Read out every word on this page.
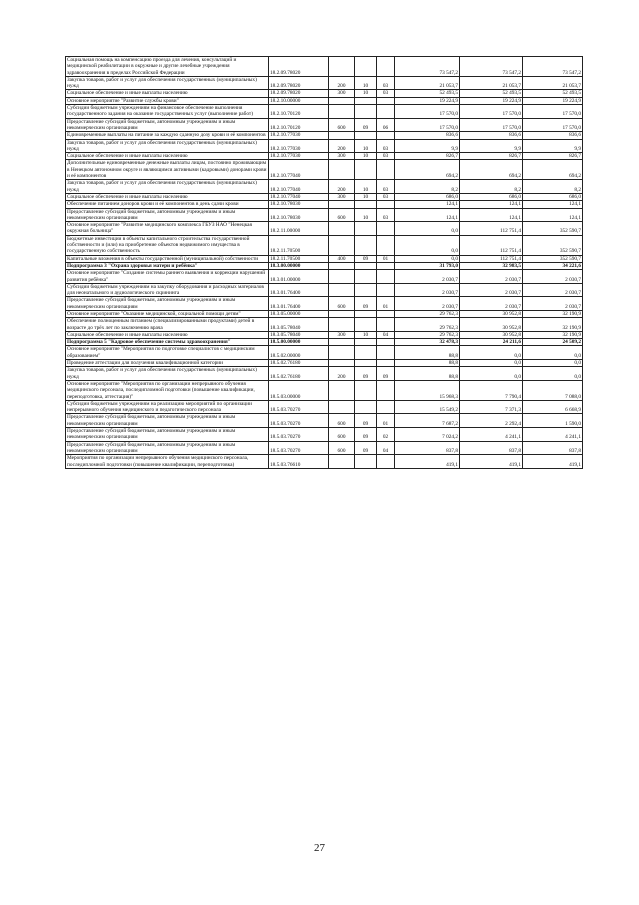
Социальная помощь на компенсацию проезда для лечения, консультаций и медицинской реабилитации в окружные и другие лечебные учреждения здравоохранения в пределах Российской Федерации	18.2.09.78020				73 547,2	73 547,2	73 547,2
Закупка товаров, работ и услуг для обеспечения государственных (муниципальных) нужд	18.2.09.78020	200	10	03	21 053,7	21 053,7	21 053,7
Социальное обеспечение и иные выплаты населению	18.2.09.78020	300	10	03	52 493,5	52 493,5	52 493,5
Основное мероприятие "Развитие службы крови"	18.2.10.00000				19 224,9	19 224,9	19 224,9
Субсидии бюджетным учреждениям на финансовое обеспечение выполнения государственного задания на оказание государственных услуг (выполнение работ)	18.2.10.70120				17 570,0	17 570,0	17 570,0
Предоставление субсидий бюджетным, автономным учреждениям и иным некоммерческим организациям	18.2.10.70120	600	09	06	17 570,0	17 570,0	17 570,0
Единовременные выплаты на питание за каждую сданную дозу крови и её компонентов	18.2.10.77030				836,6	836,6	836,6
Закупка товаров, работ и услуг для обеспечения государственных (муниципальных) нужд	18.2.10.77030	200	10	03	9,9	9,9	9,9
Социальное обеспечение и иные выплаты населению	18.2.10.77030	300	10	03	826,7	826,7	826,7
Дополнительные единовременные денежные выплаты лицам, постоянно проживающим в Ненецком автономном округе и являющимся активными (кадровыми) донорами крови и её компонентов	18.2.10.77040				694,2	694,2	694,2
Закупка товаров, работ и услуг для обеспечения государственных (муниципальных) нужд	18.2.10.77040	200	10	03	8,2	8,2	8,2
Социальное обеспечение и иные выплаты населению	18.2.10.77040	300	10	03	686,0	686,0	686,0
Обеспечение питанием доноров крови и её компонентов в день сдачи крови	18.2.10.78030				124,1	124,1	124,1
Предоставление субсидий бюджетным, автономным учреждениям и иным некоммерческим организациям	18.2.10.78030	600	10	03	124,1	124,1	124,1
Основное мероприятие "Развитие медицинского комплекса ГБУЗ НАО "Ненецкая окружная больница"	18.2.11.00000				0,0	112 751,4	352 590,7
Бюджетные инвестиции в объекты капитального строительства государственной собственности и (или) на приобретение объектов недвижимого имущества в государственную собственность	18.2.11.70500				0,0	112 751,4	352 590,7
Капитальные вложения в объекты государственной (муниципальной) собственности	18.2.11.70500	400	09	01	0,0	112 751,4	352 590,7
Подпрограмма 3 "Охрана здоровья матери и ребёнка"	18.3.00.00000				31 793,0	32 983,5	34 221,6
Основное мероприятие "Создание системы раннего выявления и коррекции нарушений развития ребёнка"	18.3.01.00000				2 030,7	2 030,7	2 030,7
Субсидии бюджетным учреждениям на закупку оборудования и расходных материалов для неонатального и аудиологического скрининга	18.3.01.76400				2 030,7	2 030,7	2 030,7
Предоставление субсидий бюджетным, автономным учреждениям и иным некоммерческим организациям	18.3.01.76400	600	09	01	2 030,7	2 030,7	2 030,7
Основное мероприятие "Оказание медицинской, социальной помощи детям"	18.3.05.00000				29 762,3	30 952,8	32 190,9
Обеспечение полноценным питанием (специализированными продуктами) детей в возрасте до трёх лет по заключению врача	18.3.05.78040				29 762,3	30 952,8	32 190,9
Социальное обеспечение и иные выплаты населению	18.3.05.78040	300	10	04	29 762,3	30 952,8	32 190,9
Подпрограмма 5 "Кадровое обеспечение системы здравоохранения"	18.5.00.00000				32 478,3	24 211,6	24 509,2
Основное мероприятие "Мероприятия по подготовке специалистов с медицинским образованием"	18.5.02.00000				88,8	0,0	0,0
Проведение аттестации для получения квалификационной категории	18.5.02.76180				88,8	0,0	0,0
Закупка товаров, работ и услуг для обеспечения государственных (муниципальных) нужд	18.5.02.76180	200	09	09	88,8	0,0	0,0
Основное мероприятие "Мероприятия по организации непрерывного обучения медицинского персонала, последипломной подготовки (повышение квалификации, переподготовка, аттестация)"	18.5.03.00000				15 968,3	7 790,4	7 088,0
Субсидии бюджетным учреждениям на реализацию мероприятий по организации непрерывного обучения медицинского и педагогического персонала	18.5.03.70270				15 549,2	7 371,3	6 668,9
Предоставление субсидий бюджетным, автономным учреждениям и иным некоммерческим организациям	18.5.03.70270	600	09	01	7 687,2	2 292,4	1 590,0
Предоставление субсидий бюджетным, автономным учреждениям и иным некоммерческим организациям	18.5.03.70270	600	09	02	7 024,2	4 241,1	4 241,1
Предоставление субсидий бюджетным, автономным учреждениям и иным некоммерческим организациям	18.5.03.70270	600	09	04	837,8	837,8	837,8
Мероприятия по организации непрерывного обучения медицинского персонала, последипломной подготовки (повышение квалификации, переподготовка)	18.5.03.76610				419,1	419,1	419,1
27
